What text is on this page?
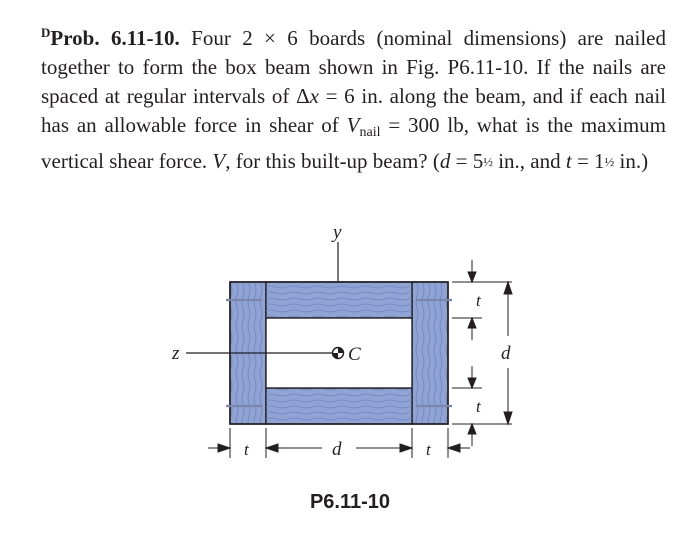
$^D$Prob. 6.11-10. Four 2 × 6 boards (nominal dimensions) are nailed together to form the box beam shown in Fig. P6.11-10. If the nails are spaced at regular intervals of Δx = 6 in. along the beam, and if each nail has an allowable force in shear of $V_{nail} = 300$ lb, what is the maximum vertical shear force. V, for this built-up beam? (d = 5½ in., and t = 1½ in.)
y
z	C
t
d
t
t	d	t
P6.11-10
